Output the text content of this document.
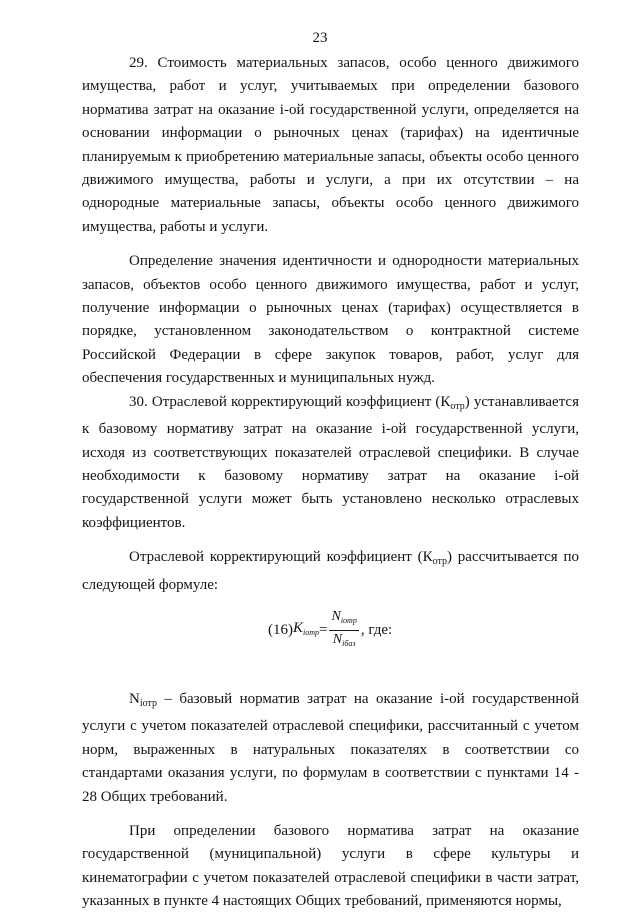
23

29. Стоимость материальных запасов, особо ценного движимого имущества, работ и услуг, учитываемых при определении базового норматива затрат на оказание i-ой государственной услуги, определяется на основании информации о рыночных ценах (тарифах) на идентичные планируемым к приобретению материальные запасы, объекты особо ценного движимого имущества, работы и услуги, а при их отсутствии – на однородные материальные запасы, объекты особо ценного движимого имущества, работы и услуги.

Определение значения идентичности и однородности материальных запасов, объектов особо ценного движимого имущества, работ и услуг, получение информации о рыночных ценах (тарифах) осуществляется в порядке, установленном законодательством о контрактной системе Российской Федерации в сфере закупок товаров, работ, услуг для обеспечения государственных и муниципальных нужд.

30. Отраслевой корректирующий коэффициент $(К_{отр})$ устанавливается к базовому нормативу затрат на оказание i-ой государственной услуги, исходя из соответствующих показателей отраслевой специфики. В случае необходимости к базовому нормативу затрат на оказание i-ой государственной услуги может быть установлено несколько отраслевых коэффициентов.

Отраслевой корректирующий коэффициент $(К_{отр})$ рассчитывается по следующей формуле:

(16) $K_{iотр} = \frac{N_{iотр}}{N_{iбаз}}$ , где:

$N_{iотр}$ – базовый норматив затрат на оказание i-ой государственной услуги с учетом показателей отраслевой специфики, рассчитанный с учетом норм, выраженных в натуральных показателях в соответствии со стандартами оказания услуги, по формулам в соответствии с пунктами 14 - 28 Общих требований.

При определении базового норматива затрат на оказание государственной (муниципальной) услуги в сфере культуры и кинематографии с учетом показателей отраслевой специфики в части затрат, указанных в пункте 4 настоящих Общих требований, применяются нормы,
